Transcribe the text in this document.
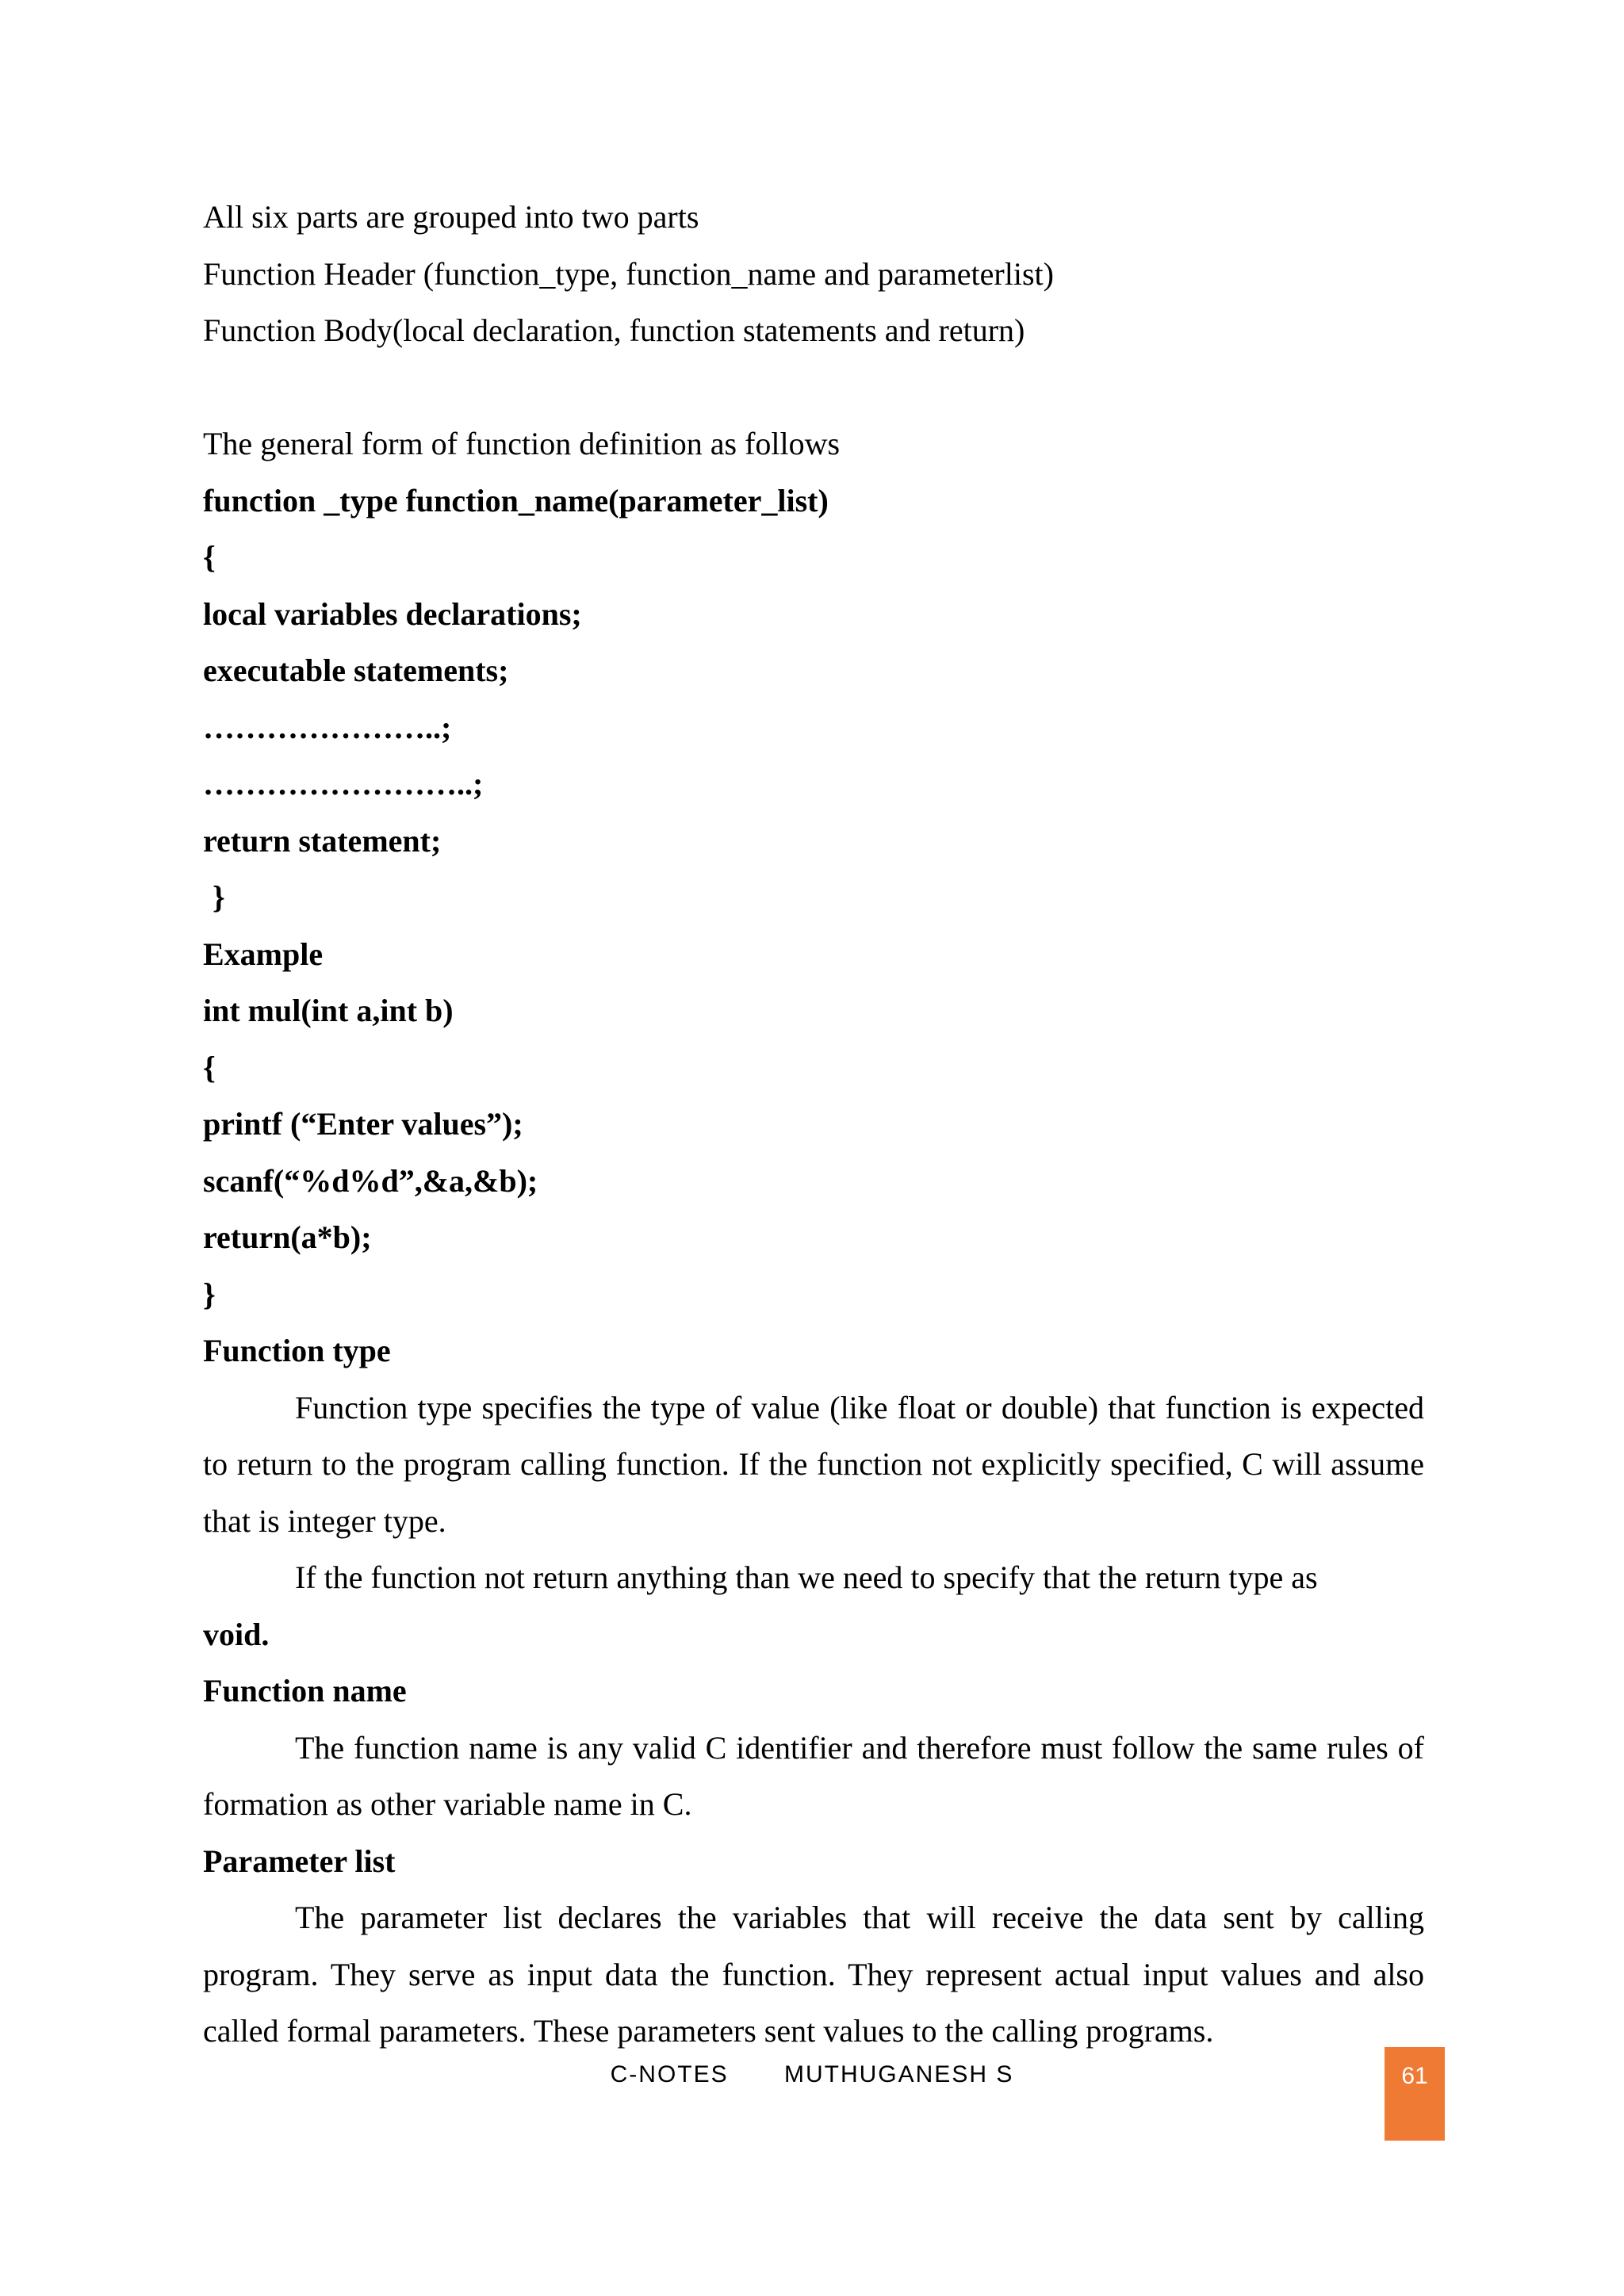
All six parts are grouped into two parts
Function Header (function_type, function_name and parameterlist)
Function Body(local declaration, function statements and return)
The general form of function definition as follows
function _type function_name(parameter_list)
{
local variables declarations;
executable statements;
…………………..;
……………………..;
return statement;
}
Example
int mul(int a,int b)
{
printf (“Enter values”);
scanf(“%d%d”,&a,&b);
return(a*b);
}
Function type
Function type specifies the type of value (like float or double) that function is expected to return to the program calling function. If the function not explicitly specified, C will assume that is integer type.
If the function not return anything than we need to specify that the return type as
void.
Function name
The function name is any valid C identifier and therefore must follow the same rules of formation as other variable name in C.
Parameter list
The parameter list declares the variables that will receive the data sent by calling program. They serve as input data the function. They represent actual input values and also called formal parameters. These parameters sent values to the calling programs.
C-NOTES MUTHUGANESH S	61
